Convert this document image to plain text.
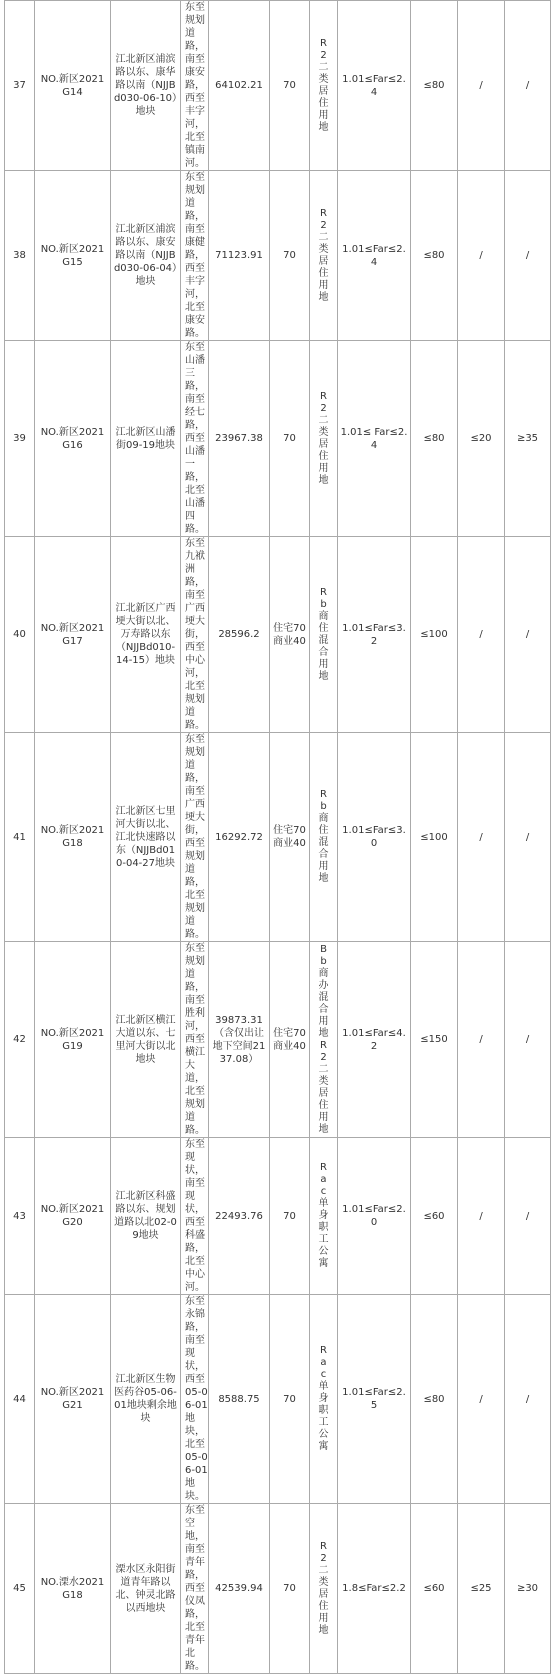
37	NO.新区2021G14	江北新区浦滨路以东、康华路以南（NJJBd030-06-10）地块	东至规划道路，南至康安路，西至丰字河，北至镇南河。	64102.21	70	R2二类居住用地	1.01≤Far≤2.4	≤80	/	/
38	NO.新区2021G15	江北新区浦滨路以东、康安路以南（NJJBd030-06-04）地块	东至规划道路，南至康健路，西至丰字河，北至康安路。	71123.91	70	R2二类居住用地	1.01≤Far≤2.4	≤80	/	/
39	NO.新区2021G16	江北新区山潘街09-19地块	东至山潘三路，南至经七路，西至山潘一路，北至山潘四路。	23967.38	70	R2二类居住用地	1.01≤ Far≤2.4	≤80	≤20	≥35
40	NO.新区2021G17	江北新区广西埂大街以北、万寿路以东（NJJBd010-14-15）地块	东至九袱洲路，南至广西埂大街，西至中心河，北至规划道路。	28596.2	住宅70商业40	Rb商住混合用地	1.01≤Far≤3.2	≤100	/	/
41	NO.新区2021G18	江北新区七里河大街以北、江北快速路以东（NJJBd010-04-27地块	东至规划道路，南至广西埂大街，西至规划道路，北至规划道路。	16292.72	住宅70商业40	Rb商住混合用地	1.01≤Far≤3.0	≤100	/	/
42	NO.新区2021G19	江北新区横江大道以东、七里河大街以北地块	东至规划道路，南至胜利河，西至横江大道，北至规划道路。	39873.31（含仅出让地下空间2137.08）	住宅70商业40	Bb商办混合用地R2二类居住用地	1.01≤Far≤4.2	≤150	/	/
43	NO.新区2021G20	江北新区科盛路以东、规划道路以北02-09地块	东至现状，南至现状，西至科盛路，北至中心河。	22493.76	70	Rac单身职工公寓	1.01≤Far≤2.0	≤60	/	/
44	NO.新区2021G21	江北新区生物医药谷05-06-01地块剩余地块	东至永锦路，南至现状，西至05-06-01地块，北至05-06-01地块。	8588.75	70	Rac单身职工公寓	1.01≤Far≤2.5	≤80	/	/
45	NO.溧水2021G18	溧水区永阳街道青年路以北、钟灵北路以西地块	东至空地，南至青年路，西至仪凤路，北至青年北路。	42539.94	70	R2二类居住用地	1.8≤Far≤2.2	≤60	≤25	≥30
